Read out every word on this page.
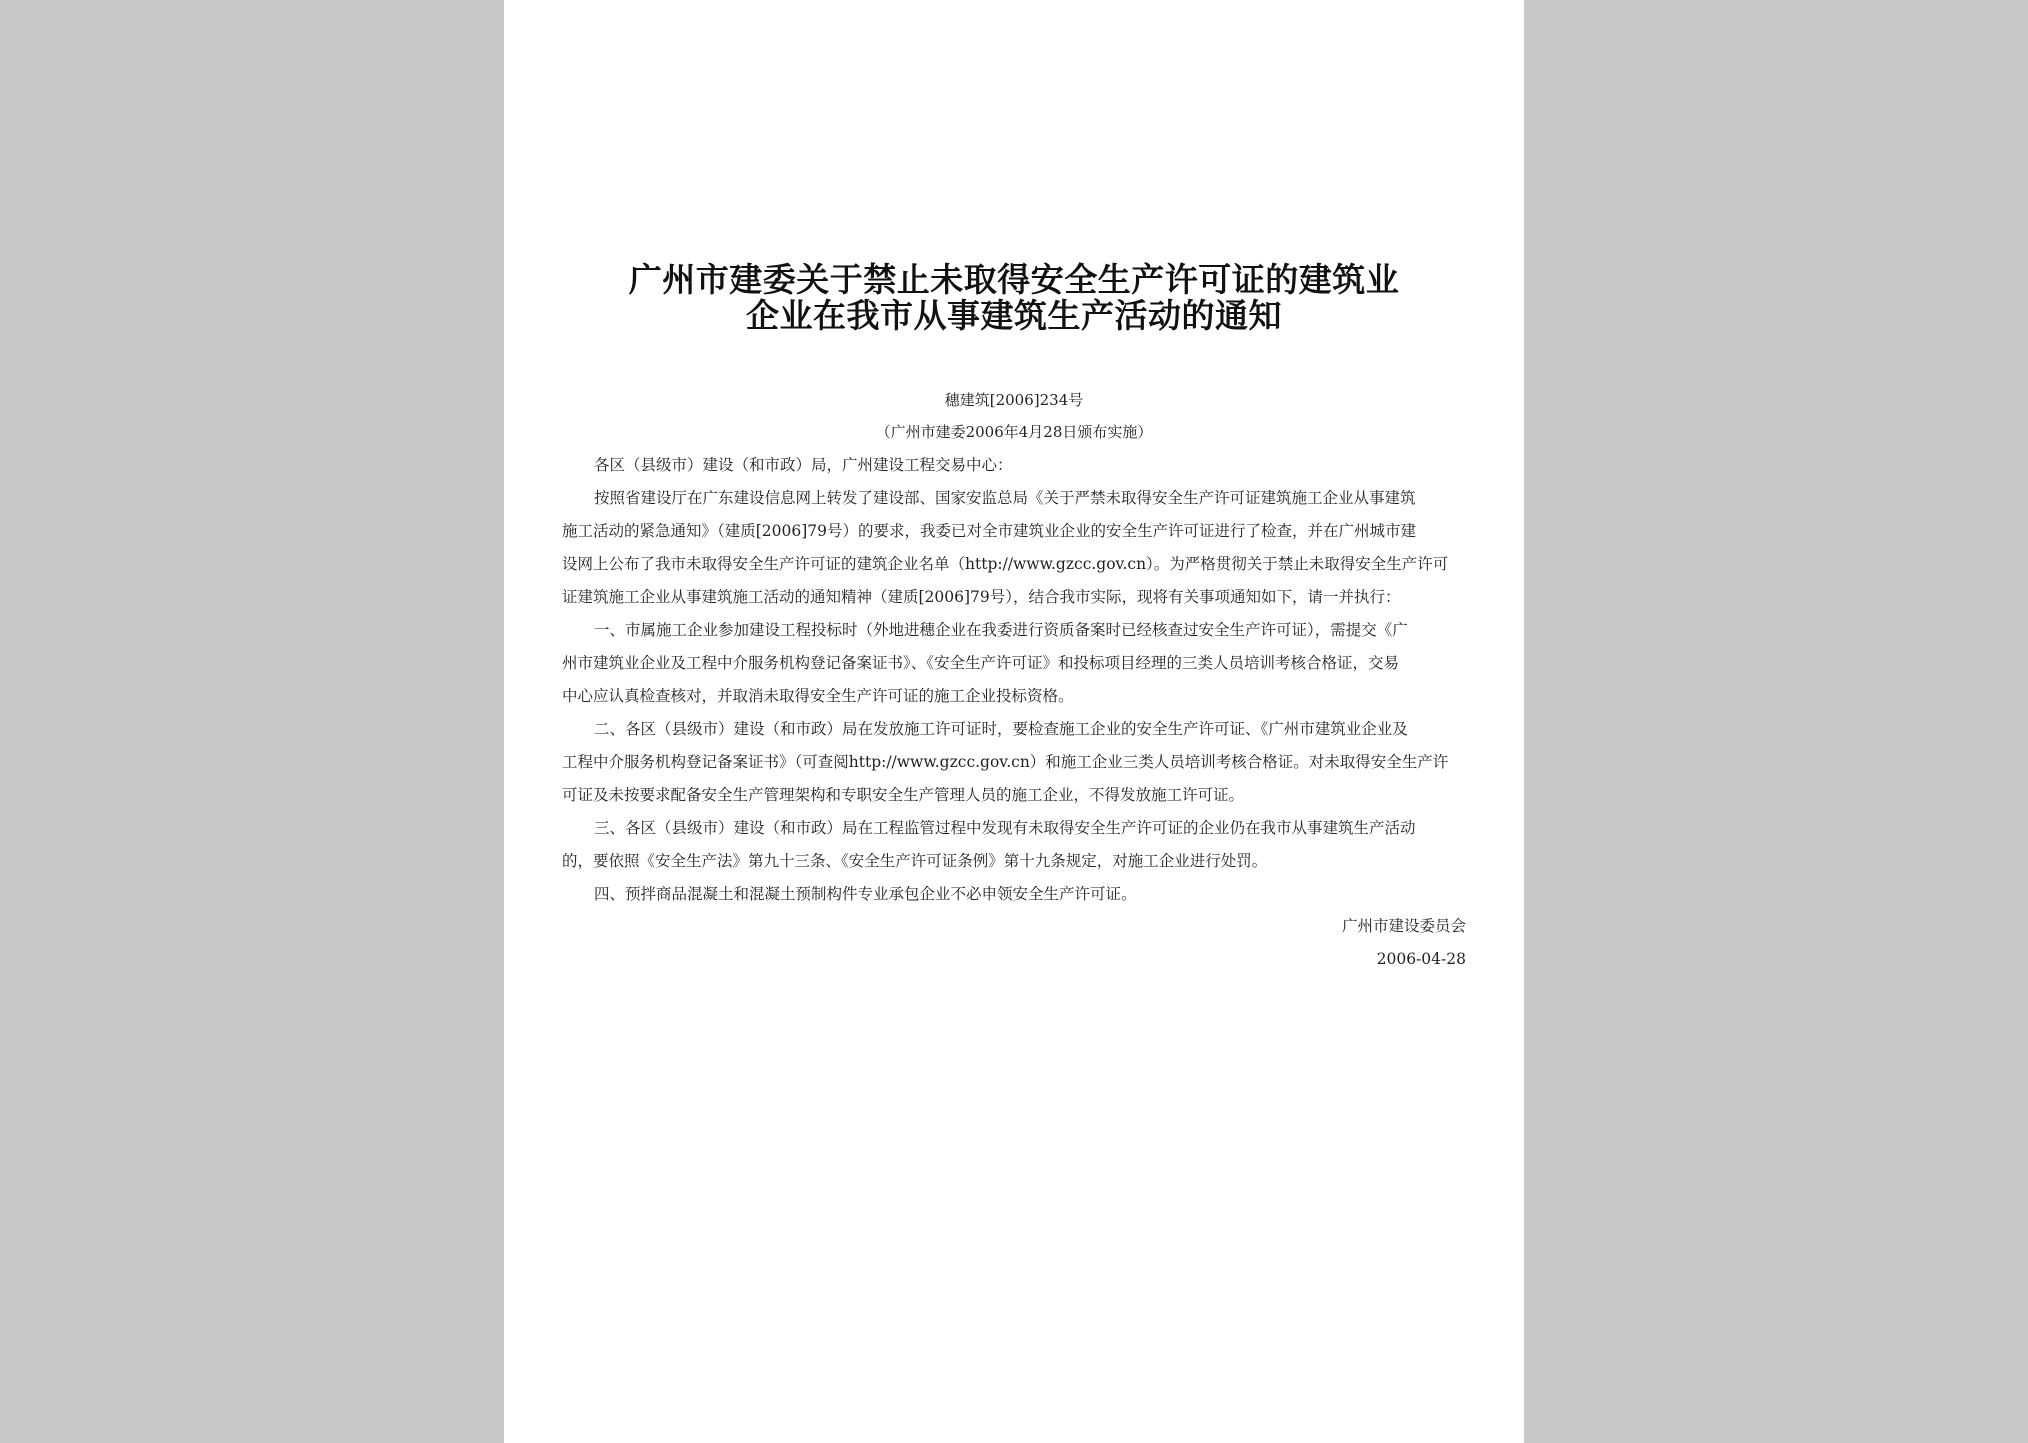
广州市建委关于禁止未取得安全生产许可证的建筑业
企业在我市从事建筑生产活动的通知
穗建筑[2006]234号
（广州市建委2006年4月28日颁布实施）
各区（县级市）建设（和市政）局，广州建设工程交易中心：
按照省建设厅在广东建设信息网上转发了建设部、国家安监总局《关于严禁未取得安全生产许可证建筑施工企业从事建筑
施工活动的紧急通知》（建质[2006]79号）的要求，我委已对全市建筑业企业的安全生产许可证进行了检查，并在广州城市建
设网上公布了我市未取得安全生产许可证的建筑企业名单（http://www.gzcc.gov.cn）。为严格贯彻关于禁止未取得安全生产许可
证建筑施工企业从事建筑施工活动的通知精神（建质[2006]79号），结合我市实际，现将有关事项通知如下，请一并执行：
一、市属施工企业参加建设工程投标时（外地进穗企业在我委进行资质备案时已经核查过安全生产许可证），需提交《广
州市建筑业企业及工程中介服务机构登记备案证书》、《安全生产许可证》和投标项目经理的三类人员培训考核合格证，交易
中心应认真检查核对，并取消未取得安全生产许可证的施工企业投标资格。
二、各区（县级市）建设（和市政）局在发放施工许可证时，要检查施工企业的安全生产许可证、《广州市建筑业企业及
工程中介服务机构登记备案证书》（可查阅http://www.gzcc.gov.cn）和施工企业三类人员培训考核合格证。对未取得安全生产许
可证及未按要求配备安全生产管理架构和专职安全生产管理人员的施工企业，不得发放施工许可证。
三、各区（县级市）建设（和市政）局在工程监管过程中发现有未取得安全生产许可证的企业仍在我市从事建筑生产活动
的，要依照《安全生产法》第九十三条、《安全生产许可证条例》第十九条规定，对施工企业进行处罚。
四、预拌商品混凝土和混凝土预制构件专业承包企业不必申领安全生产许可证。
广州市建设委员会
2006-04-28
